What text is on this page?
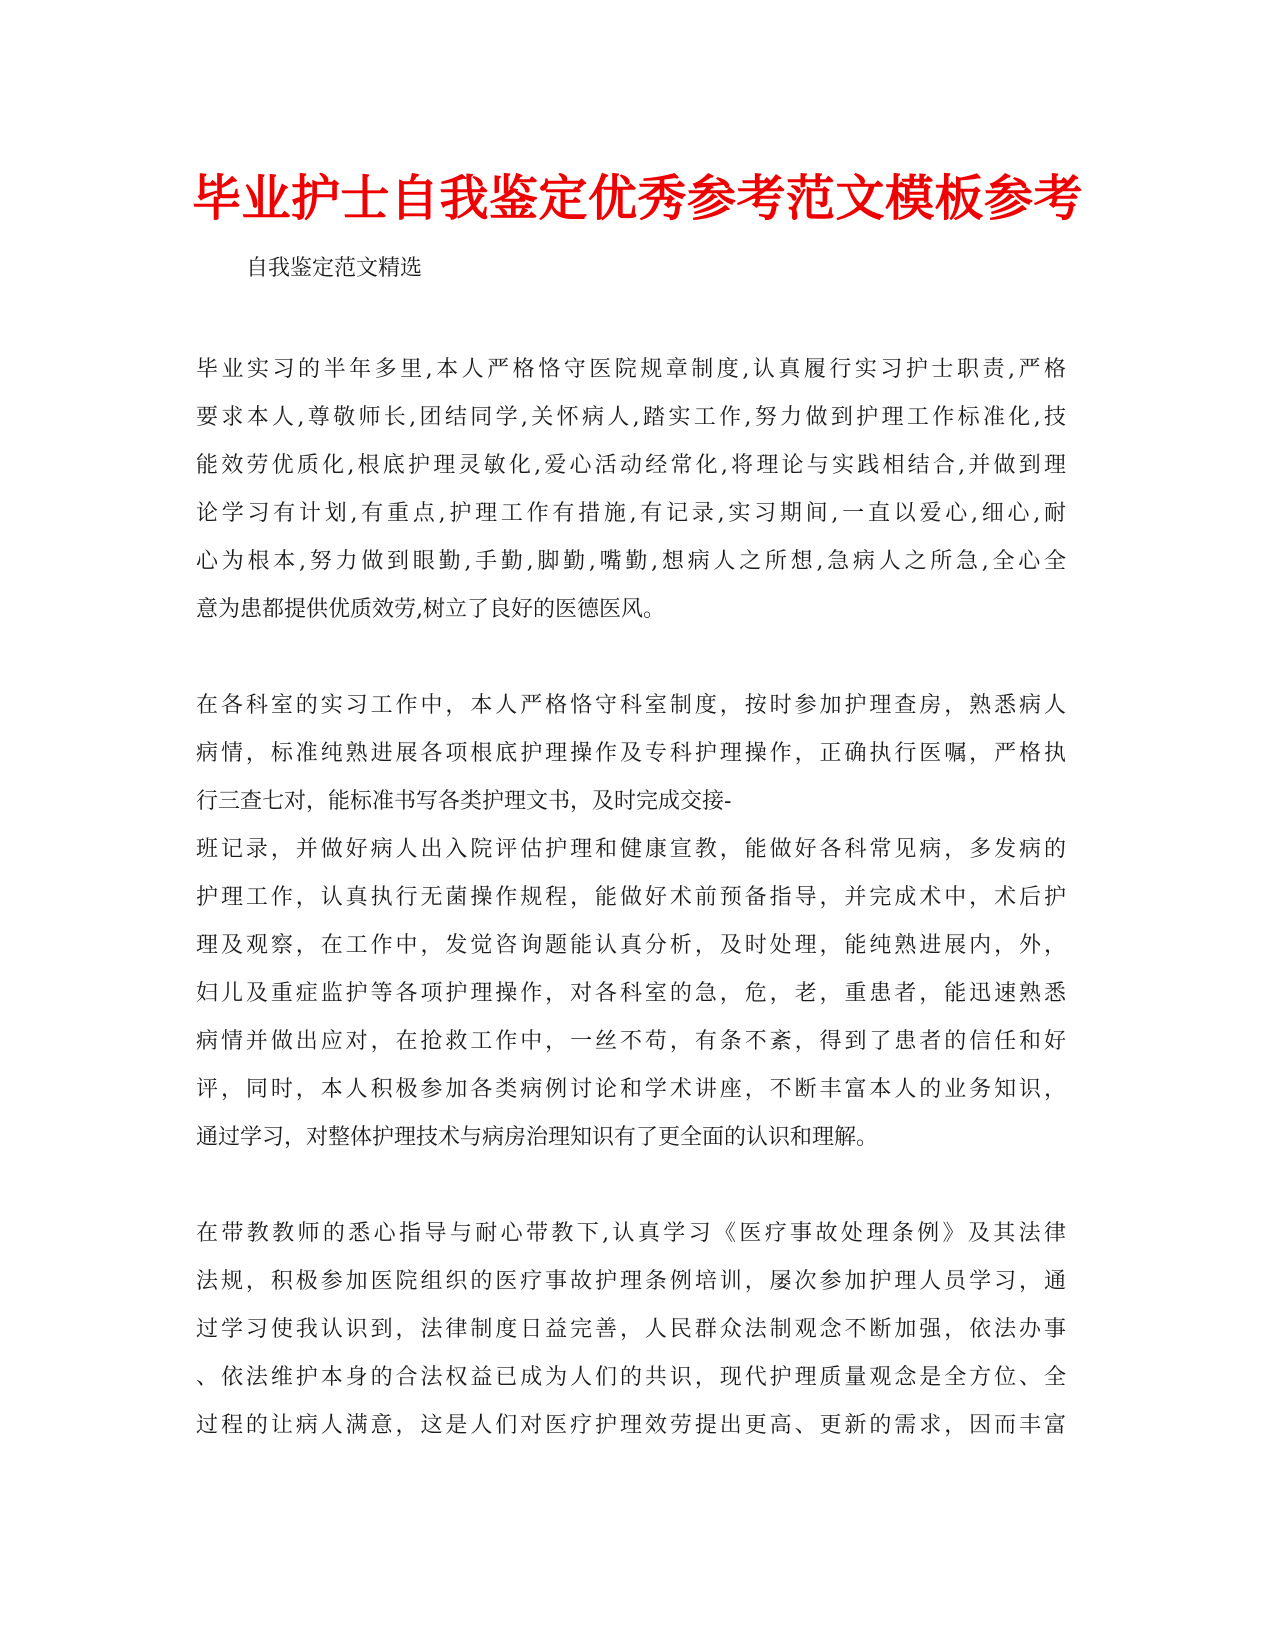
毕业护士自我鉴定优秀参考范文模板参考

自我鉴定范文精选

毕业实习的半年多里,本人严格恪守医院规章制度,认真履行实习护士职责,严格
要求本人,尊敬师长,团结同学,关怀病人,踏实工作,努力做到护理工作标准化,技
能效劳优质化,根底护理灵敏化,爱心活动经常化,将理论与实践相结合,并做到理
论学习有计划,有重点,护理工作有措施,有记录,实习期间,一直以爱心,细心,耐
心为根本,努力做到眼勤,手勤,脚勤,嘴勤,想病人之所想,急病人之所急,全心全
意为患都提供优质效劳,树立了良好的医德医风。
在各科室的实习工作中，本人严格恪守科室制度，按时参加护理查房，熟悉病人
病情，标准纯熟进展各项根底护理操作及专科护理操作，正确执行医嘱，严格执
行三查七对，能标准书写各类护理文书，及时完成交接-
班记录，并做好病人出入院评估护理和健康宣教，能做好各科常见病，多发病的
护理工作，认真执行无菌操作规程，能做好术前预备指导，并完成术中，术后护
理及观察，在工作中，发觉咨询题能认真分析，及时处理，能纯熟进展内，外，
妇儿及重症监护等各项护理操作，对各科室的急，危，老，重患者，能迅速熟悉
病情并做出应对，在抢救工作中，一丝不苟，有条不紊，得到了患者的信任和好
评，同时，本人积极参加各类病例讨论和学术讲座，不断丰富本人的业务知识，
通过学习，对整体护理技术与病房治理知识有了更全面的认识和理解。
在带教教师的悉心指导与耐心带教下,认真学习《医疗事故处理条例》及其法律
法规，积极参加医院组织的医疗事故护理条例培训，屡次参加护理人员学习，通
过学习使我认识到，法律制度日益完善，人民群众法制观念不断加强，依法办事
、依法维护本身的合法权益已成为人们的共识，现代护理质量观念是全方位、全
过程的让病人满意，这是人们对医疗护理效劳提出更高、更新的需求，因而丰富
